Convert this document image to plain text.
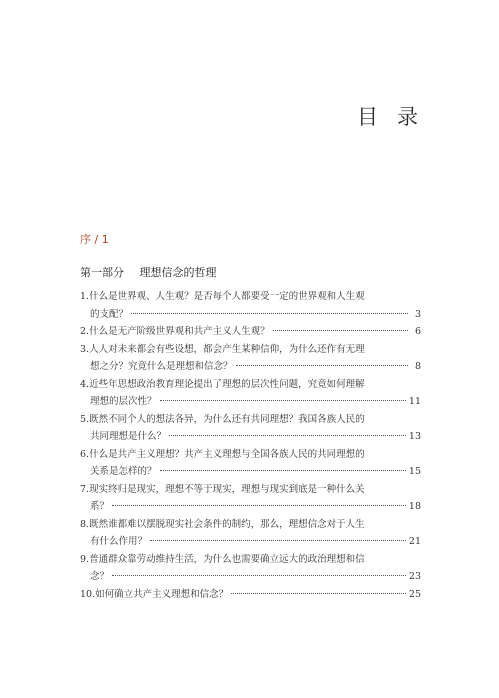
目 录
序 / 1
第一部分 理想信念的哲理
1.什么是世界观、人生观？是否每个人都要受一定的世界观和人生观
的支配？	3
2.什么是无产阶级世界观和共产主义人生观？	6
3.人人对未来都会有些设想，都会产生某种信仰，为什么还作有无理
想之分？究竟什么是理想和信念？	8
4.近些年思想政治教育理论提出了理想的层次性问题，究竟如何理解
理想的层次性？	11
5.既然不同个人的想法各异，为什么还有共同理想？我国各族人民的
共同理想是什么？	13
6.什么是共产主义理想？共产主义理想与全国各族人民的共同理想的
关系是怎样的？	15
7.现实终归是现实，理想不等于现实，理想与现实到底是一种什么关
系？	18
8.既然谁都难以摆脱现实社会条件的制约，那么，理想信念对于人生
有什么作用？	21
9.普通群众靠劳动维持生活，为什么也需要确立远大的政治理想和信
念？	23
10.如何确立共产主义理想和信念？	25
